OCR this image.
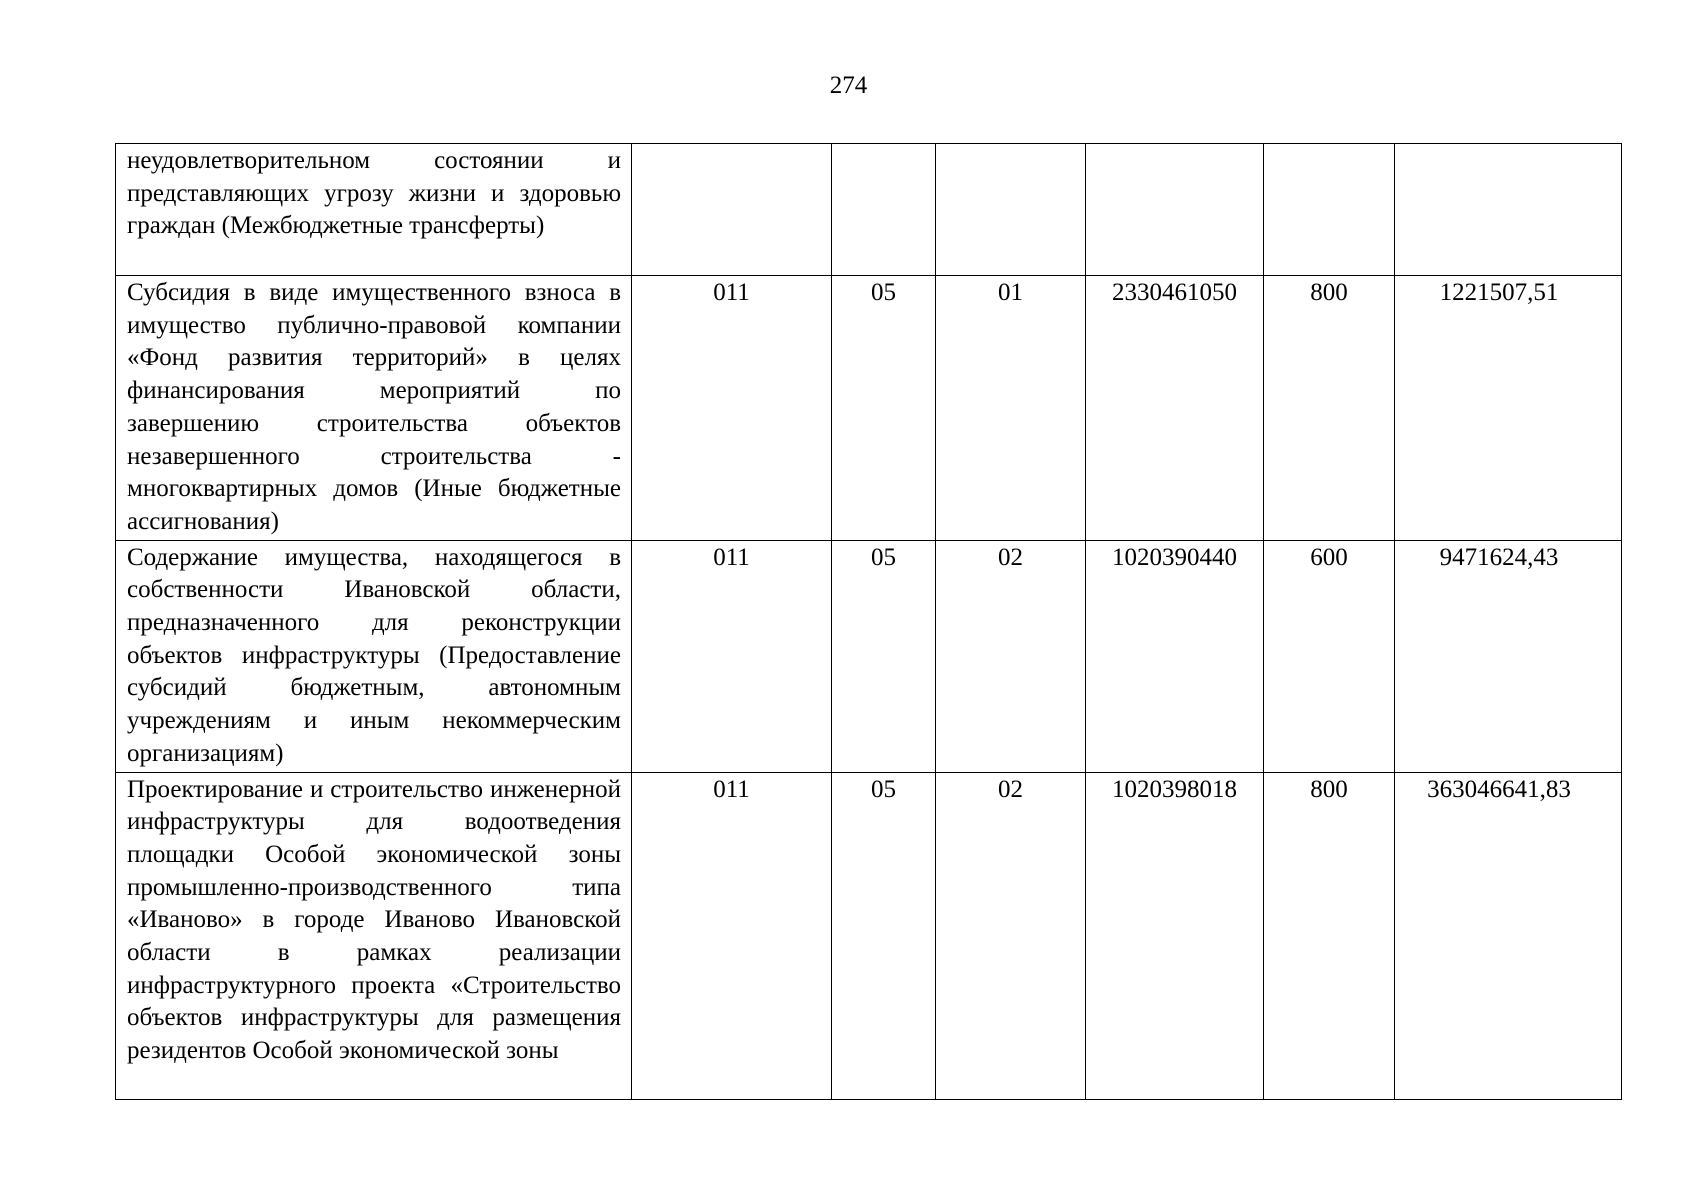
274
неудовлетворительном состоянии и представляющих угрозу жизни и здоровью граждан (Межбюджетные трансферты)						

Субсидия в виде имущественного взноса в имущество публично-правовой компании «Фонд развития территорий» в целях финансирования мероприятий по завершению строительства объектов незавершенного строительства - многоквартирных домов (Иные бюджетные ассигнования)	011	05	01	2330461050	800	1221507,51

Содержание имущества, находящегося в собственности Ивановской области, предназначенного для реконструкции объектов инфраструктуры (Предоставление субсидий бюджетным, автономным учреждениям и иным некоммерческим организациям)	011	05	02	1020390440	600	9471624,43

Проектирование и строительство инженерной инфраструктуры для водоотведения площадки Особой экономической зоны промышленно-производственного типа «Иваново» в городе Иваново Ивановской области в рамках реализации инфраструктурного проекта «Строительство объектов инфраструктуры для размещения резидентов Особой экономической зоны	011	05	02	1020398018	800	363046641,83
